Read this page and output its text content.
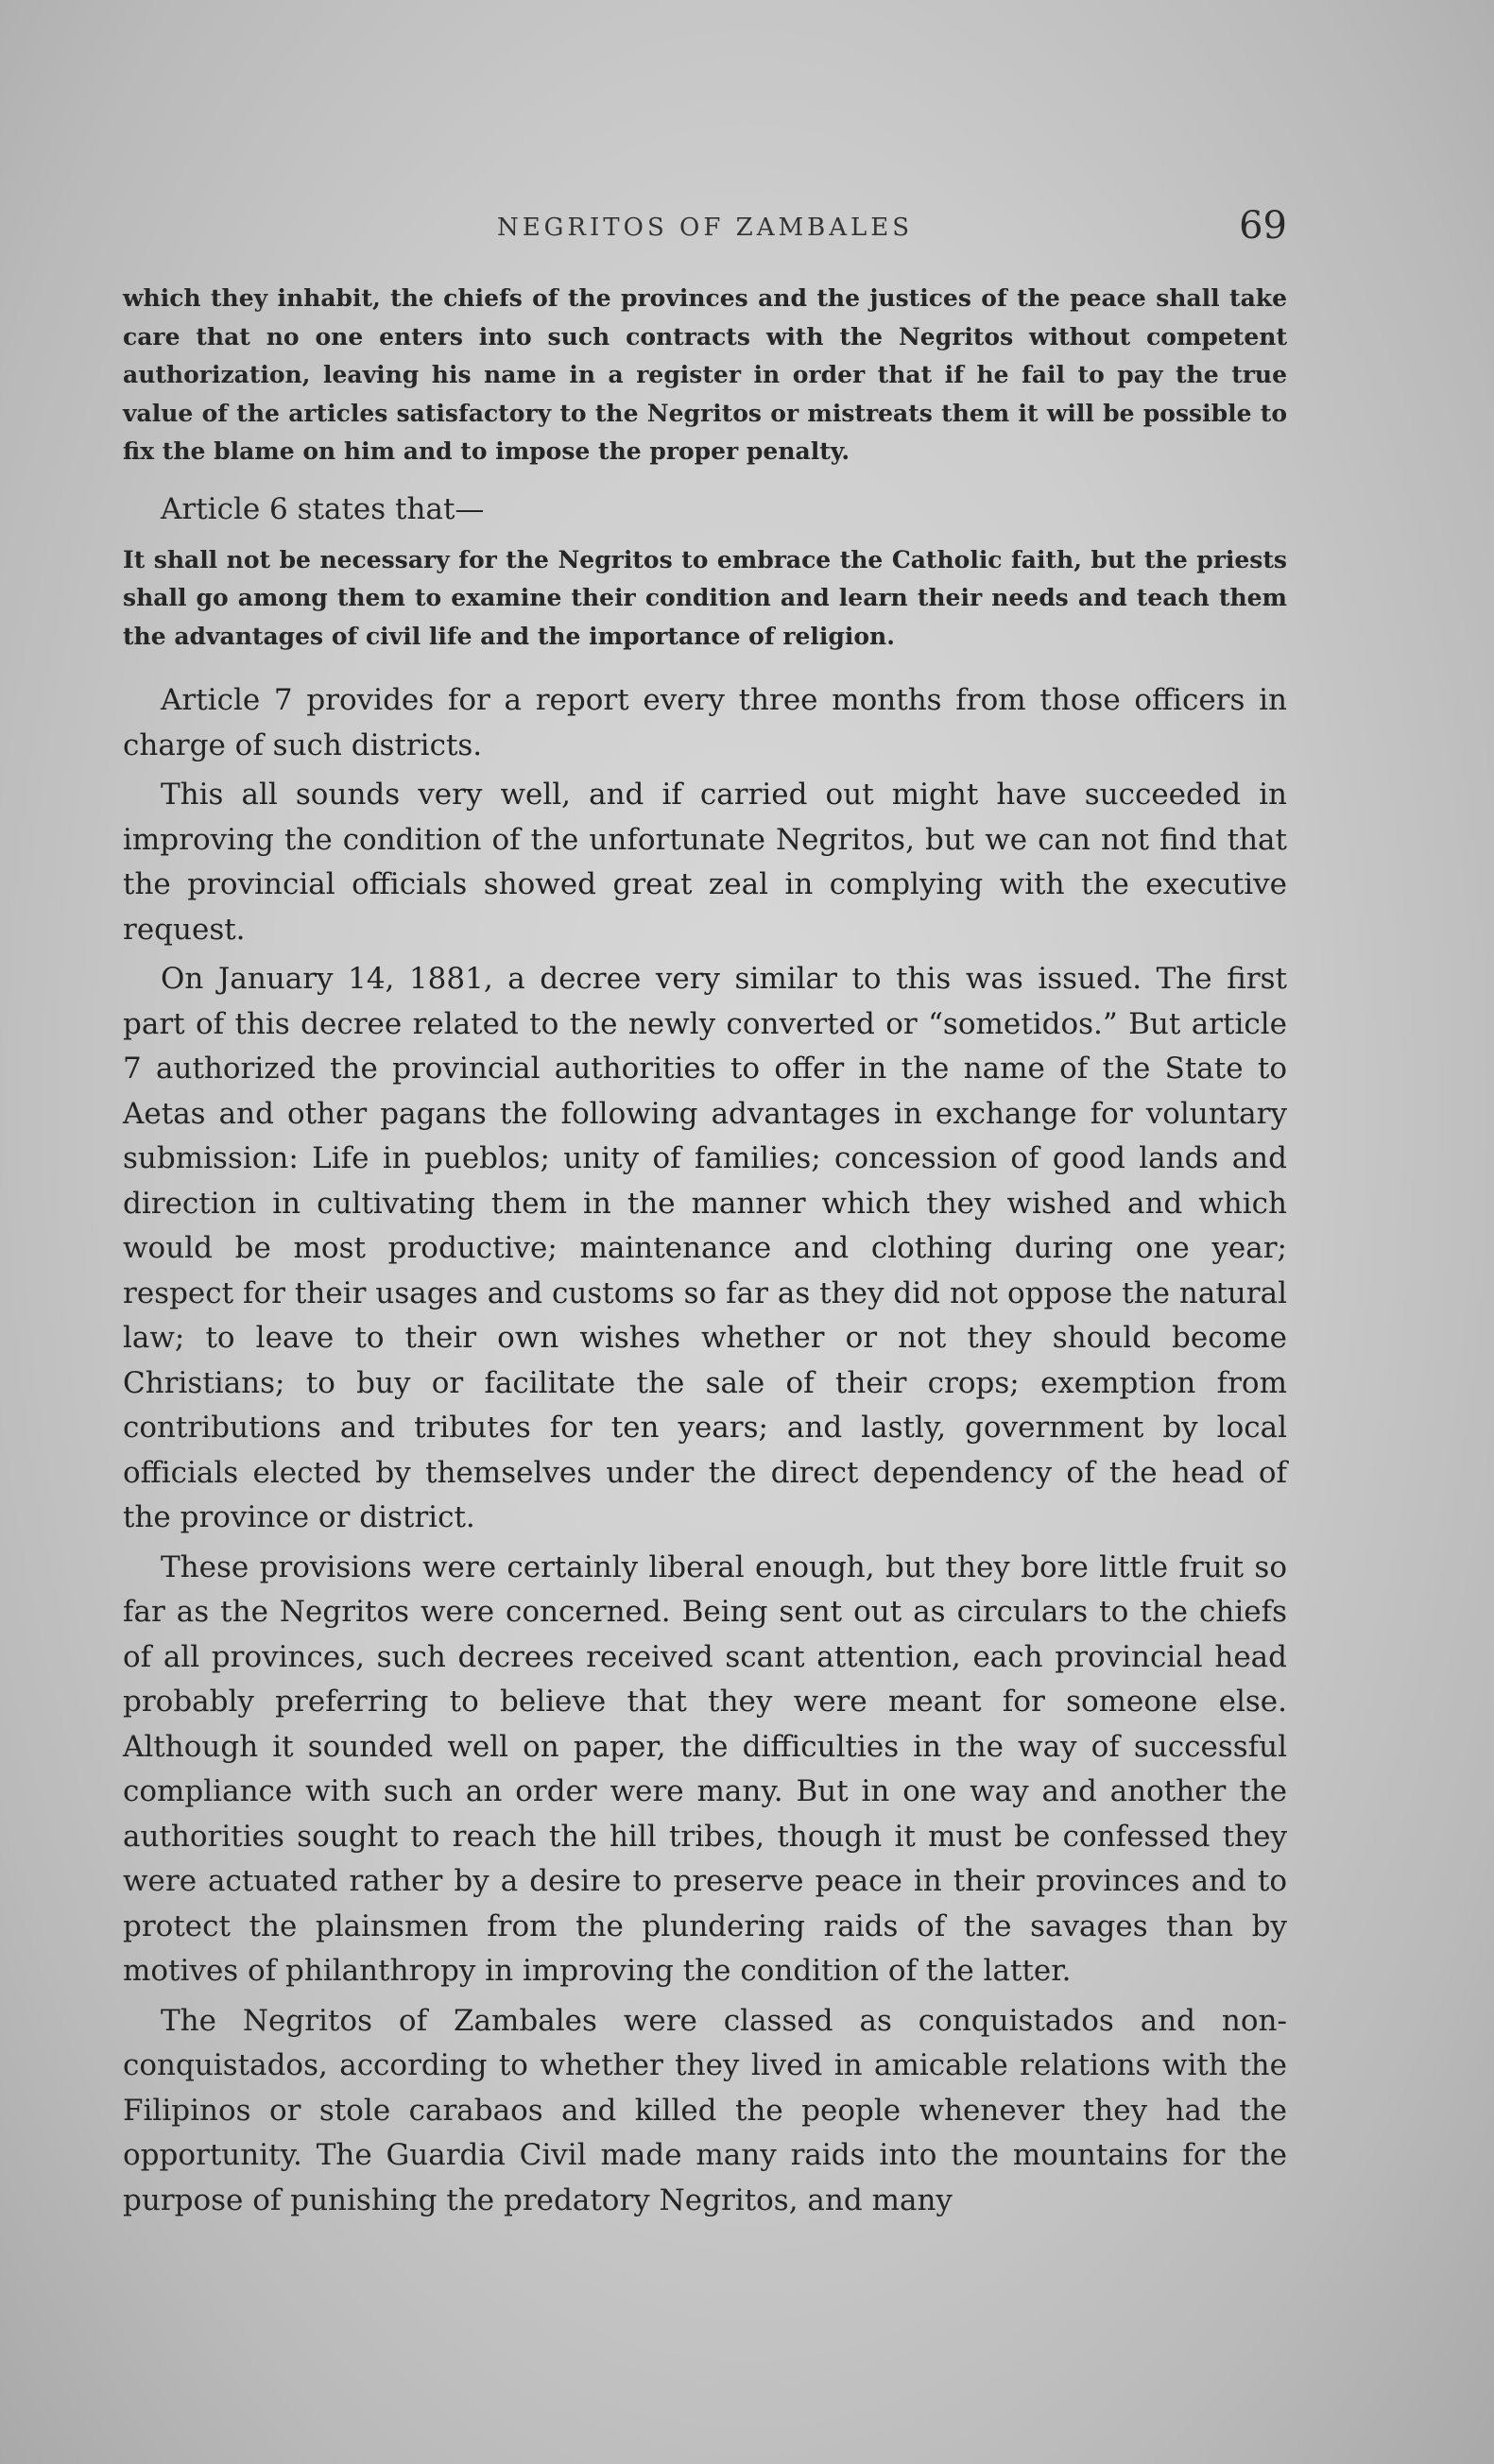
NEGRITOS OF ZAMBALES	69

which they inhabit, the chiefs of the provinces and the justices of the peace shall take care that no one enters into such contracts with the Negritos without competent authorization, leaving his name in a register in order that if he fail to pay the true value of the articles satisfactory to the Negritos or mistreats them it will be possible to fix the blame on him and to impose the proper penalty.

Article 6 states that—

It shall not be necessary for the Negritos to embrace the Catholic faith, but the priests shall go among them to examine their condition and learn their needs and teach them the advantages of civil life and the importance of religion.

Article 7 provides for a report every three months from those officers in charge of such districts.

This all sounds very well, and if carried out might have succeeded in improving the condition of the unfortunate Negritos, but we can not find that the provincial officials showed great zeal in complying with the executive request.

On January 14, 1881, a decree very similar to this was issued. The first part of this decree related to the newly converted or “sometidos.” But article 7 authorized the provincial authorities to offer in the name of the State to Aetas and other pagans the following advantages in exchange for voluntary submission: Life in pueblos; unity of families; concession of good lands and direction in cultivating them in the manner which they wished and which would be most productive; maintenance and clothing during one year; respect for their usages and customs so far as they did not oppose the natural law; to leave to their own wishes whether or not they should become Christians; to buy or facilitate the sale of their crops; exemption from contributions and tributes for ten years; and lastly, government by local officials elected by themselves under the direct dependency of the head of the province or district.

These provisions were certainly liberal enough, but they bore little fruit so far as the Negritos were concerned. Being sent out as circulars to the chiefs of all provinces, such decrees received scant attention, each provincial head probably preferring to believe that they were meant for someone else. Although it sounded well on paper, the difficulties in the way of successful compliance with such an order were many. But in one way and another the authorities sought to reach the hill tribes, though it must be confessed they were actuated rather by a desire to preserve peace in their provinces and to protect the plainsmen from the plundering raids of the savages than by motives of philanthropy in improving the condition of the latter.

The Negritos of Zambales were classed as conquistados and non-conquistados, according to whether they lived in amicable relations with the Filipinos or stole carabaos and killed the people whenever they had the opportunity. The Guardia Civil made many raids into the mountains for the purpose of punishing the predatory Negritos, and many
